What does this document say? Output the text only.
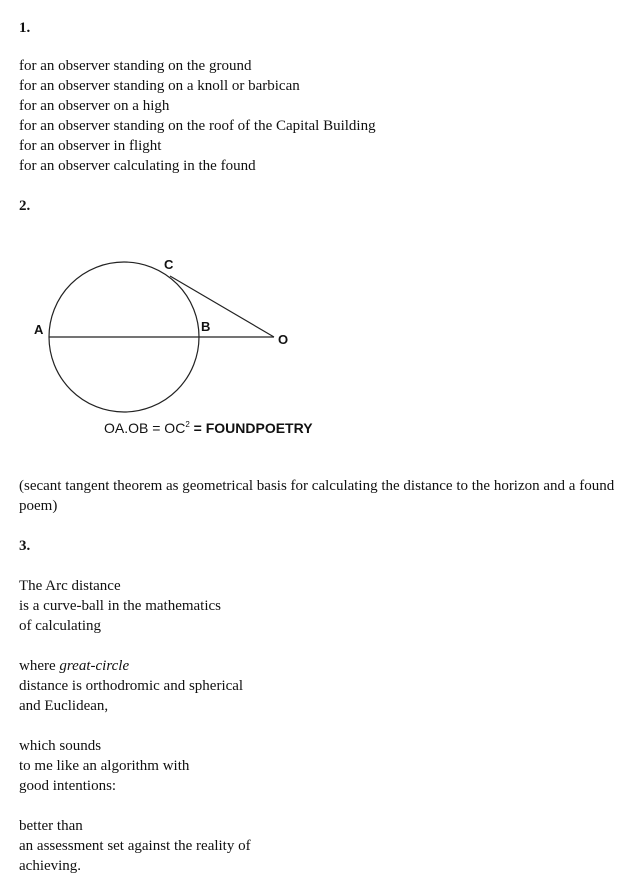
1.
for an observer standing on the ground
for an observer standing on a knoll or barbican
for an observer on a high
for an observer standing on the roof of the Capital Building
for an observer in flight
for an observer calculating in the found
2.
A	B
C
O
$OA.OB = OC^2$ = FOUNDPOETRY
(secant tangent theorem as geometrical basis for calculating the distance to the horizon and a found poem)
3.
The Arc distance
is a curve-ball in the mathematics
of calculating
where great-circle
distance is orthodromic and spherical
and Euclidean,
which sounds
to me like an algorithm with
good intentions:
better than
an assessment set against the reality of
achieving.
